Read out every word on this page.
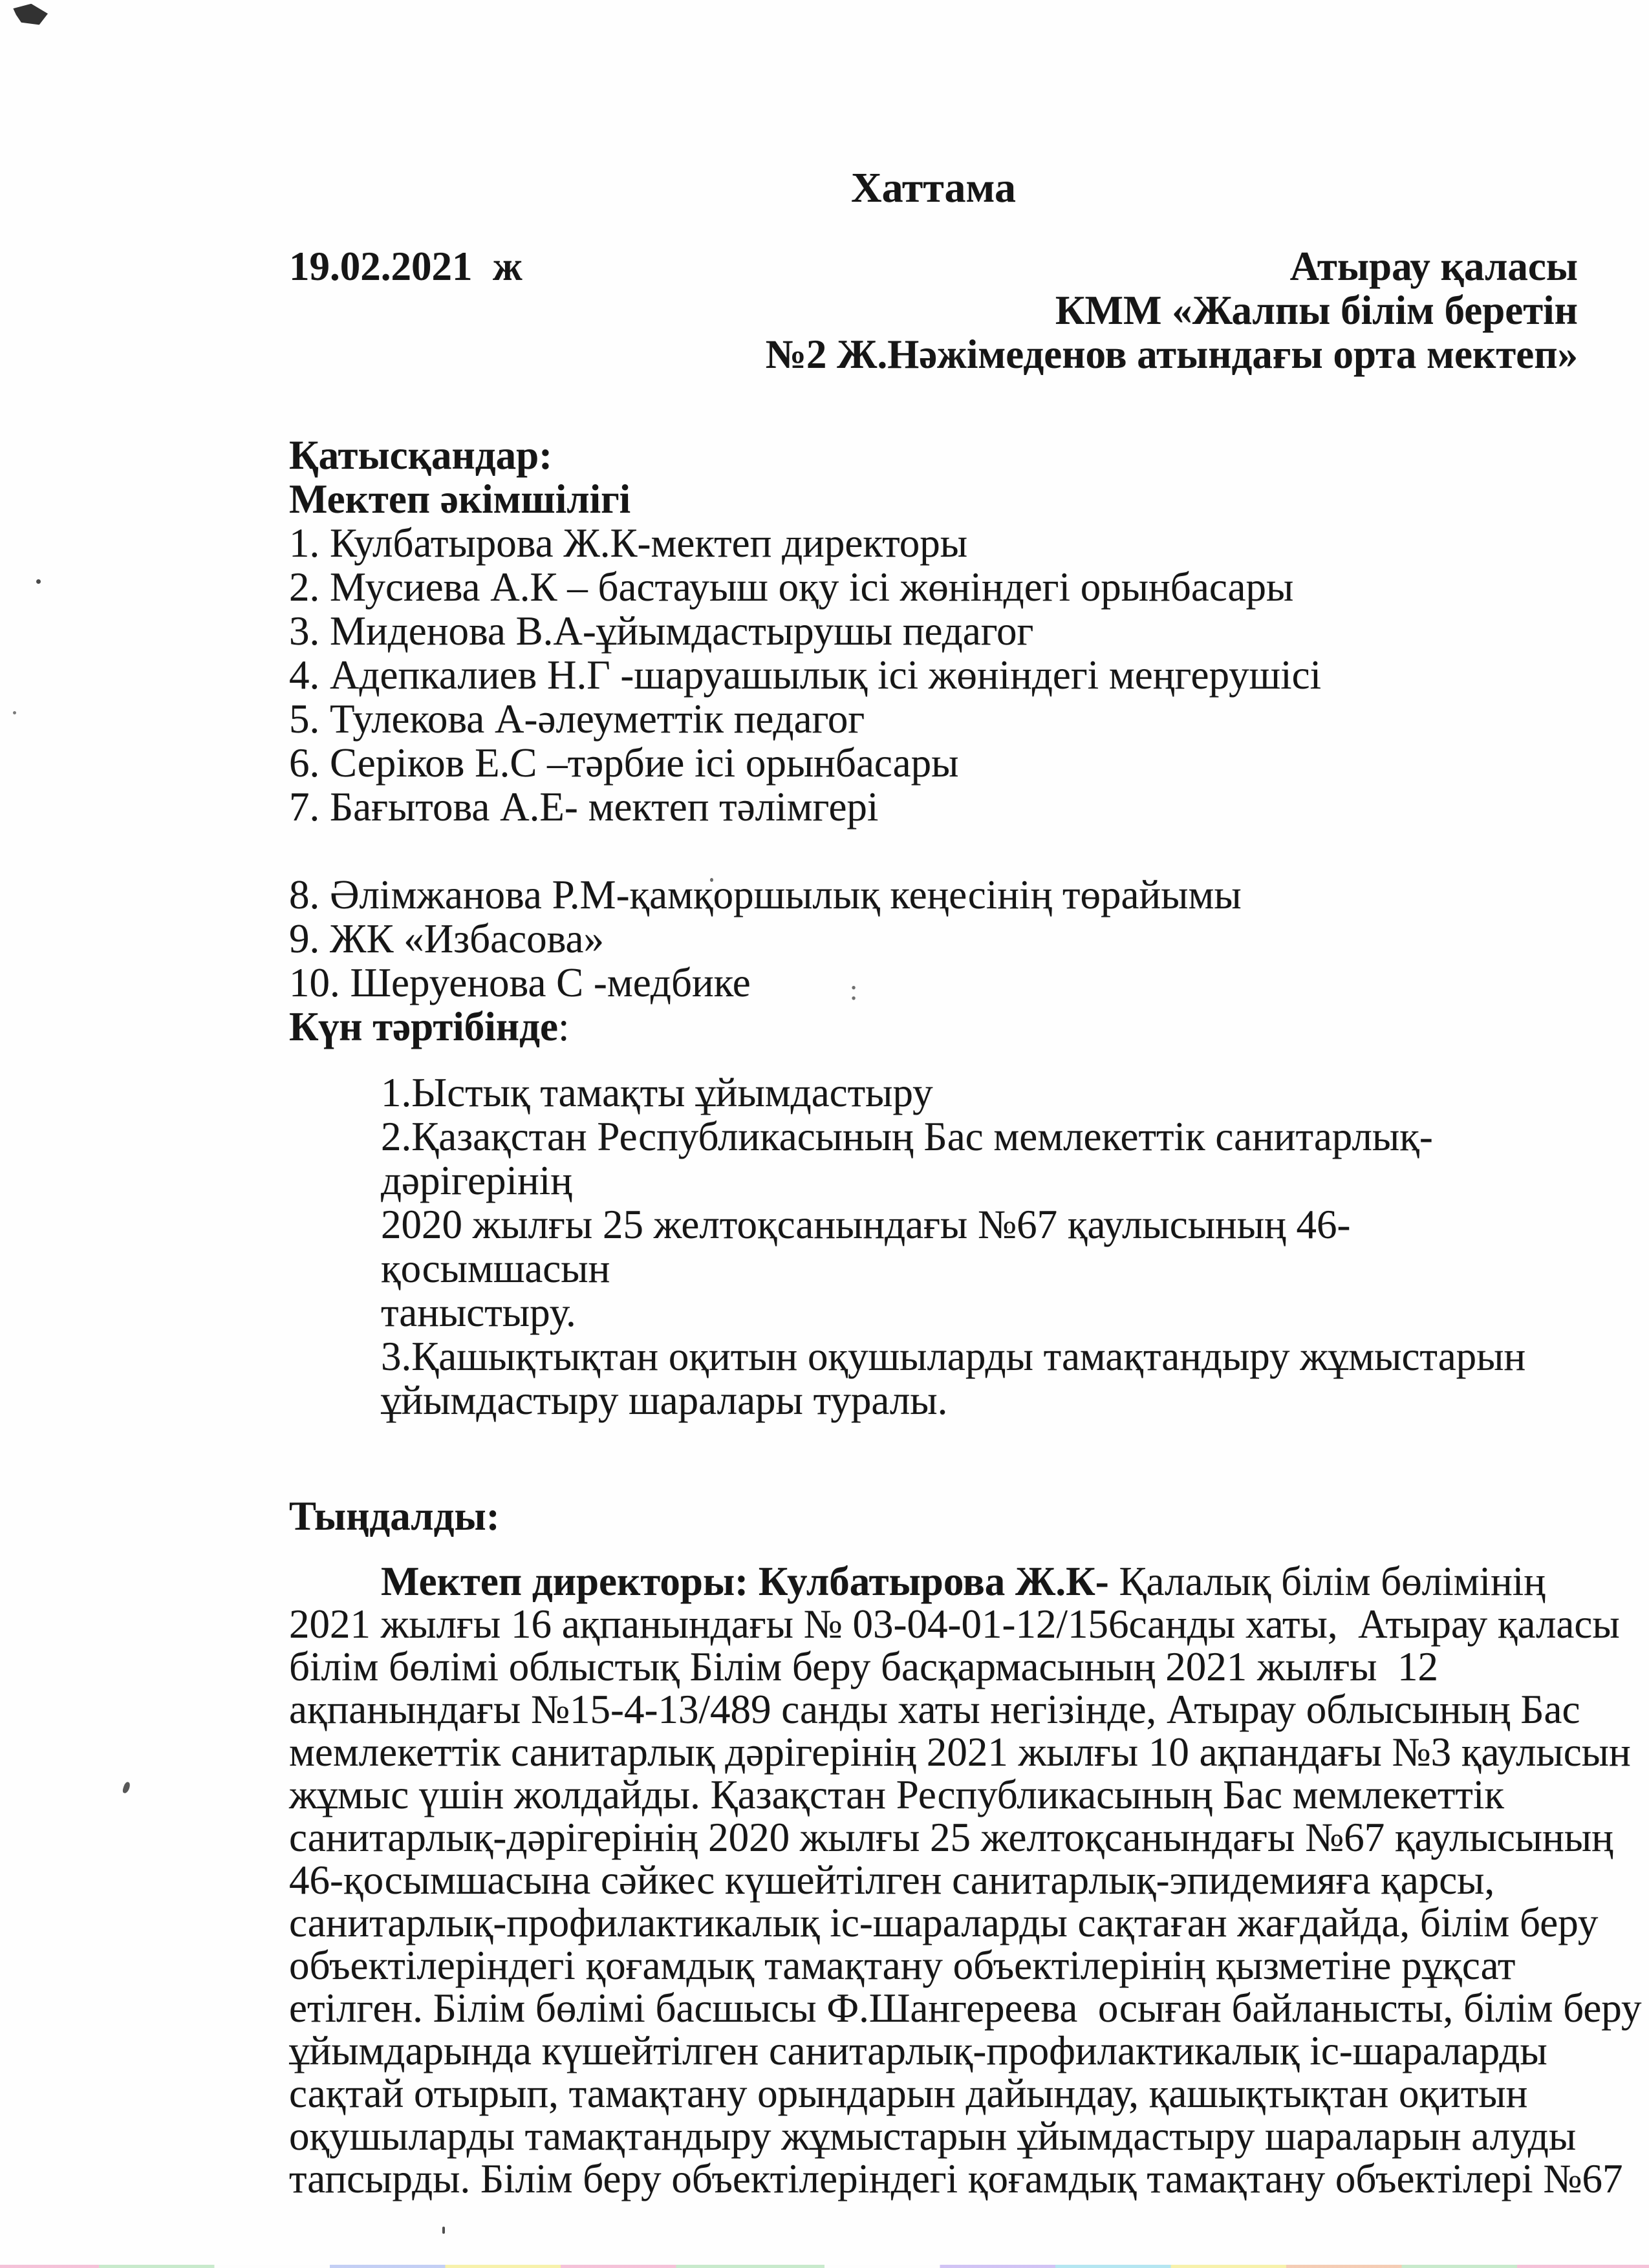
:
Хаттама
19.02.2021  ж	Атырау қаласы
КММ «Жалпы білім беретін
№2 Ж.Нәжімеденов атындағы орта мектеп»
Қатысқандар:
Мектеп әкімшілігі
1. Кулбатырова Ж.К-мектеп директоры
2. Мусиева А.К – бастауыш оқу ісі жөніндегі орынбасары
3. Миденова В.А-ұйымдастырушы педагог
4. Адепкалиев Н.Г -шаруашылық ісі жөніндегі меңгерушісі
5. Тулекова А-әлеуметтік педагог
6. Серіков Е.С –тәрбие ісі орынбасары
7. Бағытова А.Е- мектеп тәлімгері
8. Әлімжанова Р.М-қамқоршылық кеңесінің төрайымы
9. ЖК «Избасова»
10. Шеруенова С -медбике
Күн тәртібінде:
1.Ыстық тамақты ұйымдастыру
2.Қазақстан Республикасының Бас мемлекеттік санитарлық-дәрігерінің
2020 жылғы 25 желтоқсанындағы №67 қаулысының 46-қосымшасын
таныстыру.
3.Қашықтықтан оқитын оқушыларды тамақтандыру жұмыстарын
ұйымдастыру шаралары туралы.
Тыңдалды:
Мектеп директоры: Кулбатырова Ж.К- Қалалық білім бөлімінің
2021 жылғы 16 ақпанындағы № 03-04-01-12/156санды хаты,  Атырау қаласы
білім бөлімі облыстық Білім беру басқармасының 2021 жылғы  12
ақпанындағы №15-4-13/489 санды хаты негізінде, Атырау облысының Бас
мемлекеттік санитарлық дәрігерінің 2021 жылғы 10 ақпандағы №3 қаулысын
жұмыс үшін жолдайды. Қазақстан Республикасының Бас мемлекеттік
санитарлық-дәрігерінің 2020 жылғы 25 желтоқсанындағы №67 қаулысының
46-қосымшасына сәйкес күшейтілген санитарлық-эпидемияға қарсы,
санитарлық-профилактикалық іс-шараларды сақтаған жағдайда, білім беру
объектілеріндегі қоғамдық тамақтану объектілерінің қызметіне рұқсат
етілген. Білім бөлімі басшысы Ф.Шангереева  осыған байланысты, білім беру
ұйымдарында күшейтілген санитарлық-профилактикалық іс-шараларды
сақтай отырып, тамақтану орындарын дайындау, қашықтықтан оқитын
оқушыларды тамақтандыру жұмыстарын ұйымдастыру шараларын алуды
тапсырды. Білім беру объектілеріндегі қоғамдық тамақтану объектілері №67
